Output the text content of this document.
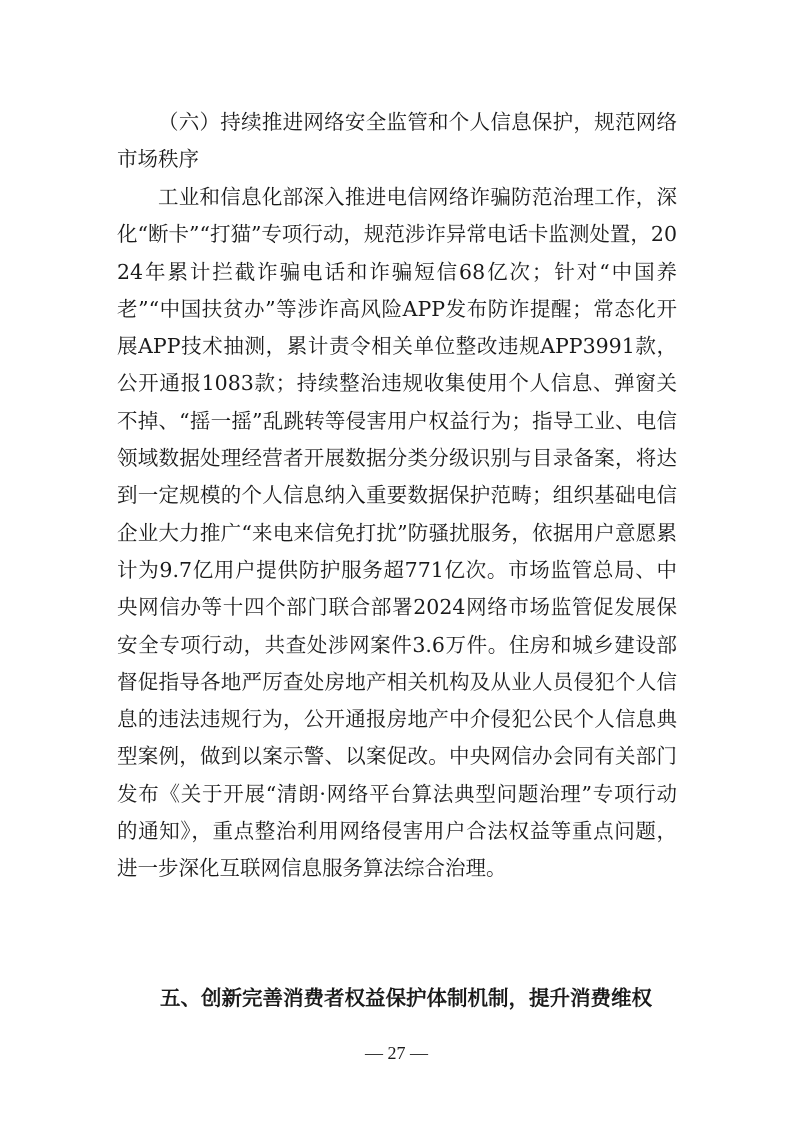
（六）持续推进网络安全监管和个人信息保护，规范网络市场秩序
工业和信息化部深入推进电信网络诈骗防范治理工作，深化“断卡”“打猫”专项行动，规范涉诈异常电话卡监测处置，2024年累计拦截诈骗电话和诈骗短信68亿次；针对“中国养老”“中国扶贫办”等涉诈高风险APP发布防诈提醒；常态化开展APP技术抽测，累计责令相关单位整改违规APP3991款，公开通报1083款；持续整治违规收集使用个人信息、弹窗关不掉、“摇一摇”乱跳转等侵害用户权益行为；指导工业、电信领域数据处理经营者开展数据分类分级识别与目录备案，将达到一定规模的个人信息纳入重要数据保护范畴；组织基础电信企业大力推广“来电来信免打扰”防骚扰服务，依据用户意愿累计为9.7亿用户提供防护服务超771亿次。市场监管总局、中央网信办等十四个部门联合部署2024网络市场监管促发展保安全专项行动，共查处涉网案件3.6万件。住房和城乡建设部督促指导各地严厉查处房地产相关机构及从业人员侵犯个人信息的违法违规行为，公开通报房地产中介侵犯公民个人信息典型案例，做到以案示警、以案促改。中央网信办会同有关部门发布《关于开展“清朗·网络平台算法典型问题治理”专项行动的通知》，重点整治利用网络侵害用户合法权益等重点问题，进一步深化互联网信息服务算法综合治理。
五、创新完善消费者权益保护体制机制，提升消费维权
— 27 —
